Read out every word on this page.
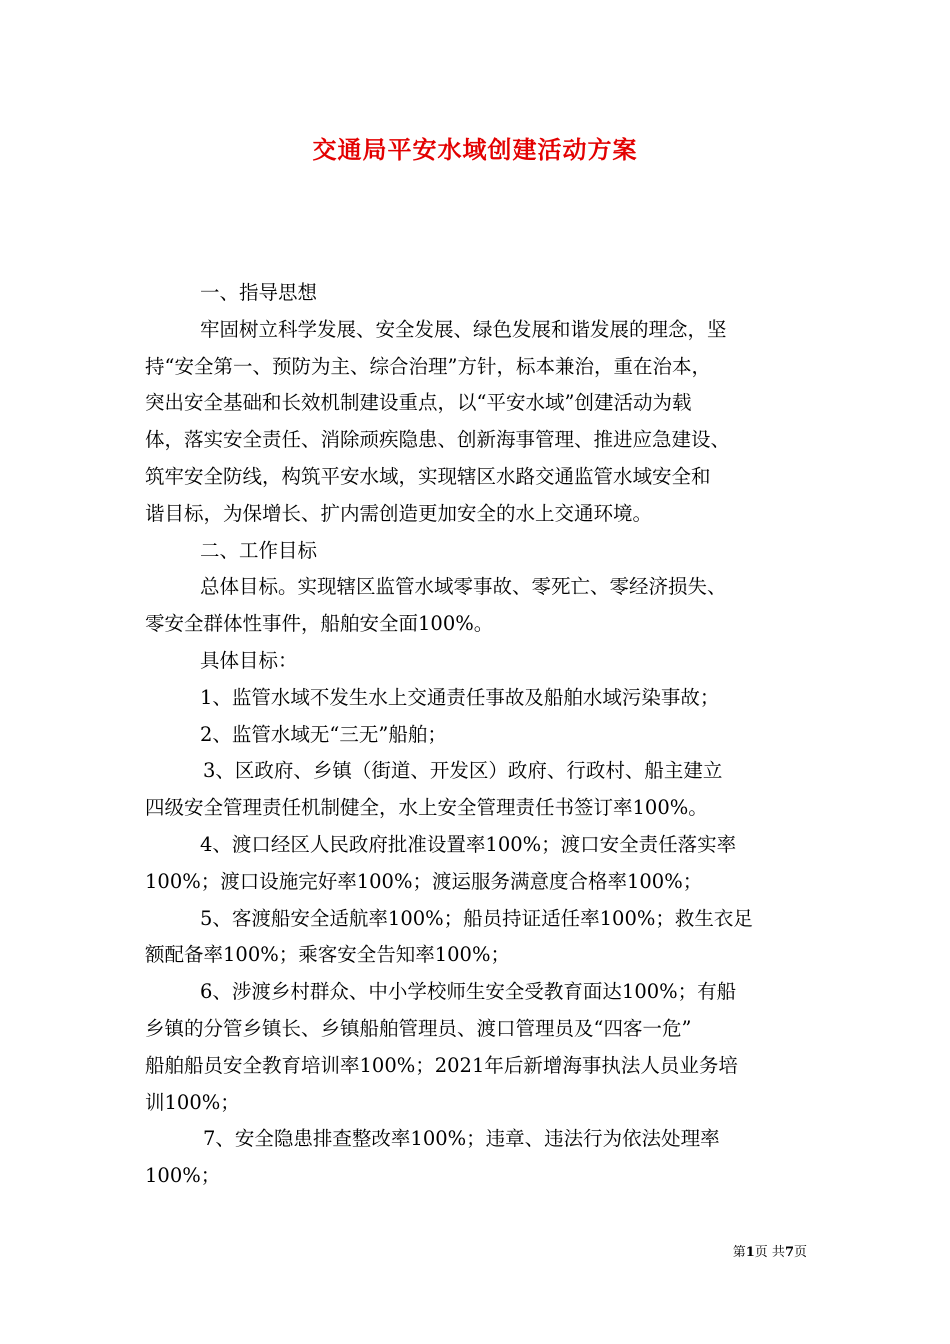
交通局平安水域创建活动方案
一、指导思想
牢固树立科学发展、安全发展、绿色发展和谐发展的理念，坚
持“安全第一、预防为主、综合治理”方针，标本兼治，重在治本，
突出安全基础和长效机制建设重点，以“平安水域”创建活动为载
体，落实安全责任、消除顽疾隐患、创新海事管理、推进应急建设、
筑牢安全防线，构筑平安水域，实现辖区水路交通监管水域安全和
谐目标，为保增长、扩内需创造更加安全的水上交通环境。
二、工作目标
总体目标。实现辖区监管水域零事故、零死亡、零经济损失、
零安全群体性事件，船舶安全面100%。
具体目标：
1、监管水域不发生水上交通责任事故及船舶水域污染事故；
2、监管水域无“三无”船舶；
3、区政府、乡镇（街道、开发区）政府、行政村、船主建立
四级安全管理责任机制健全，水上安全管理责任书签订率100%。
4、渡口经区人民政府批准设置率100%；渡口安全责任落实率
100%；渡口设施完好率100%；渡运服务满意度合格率100%；
5、客渡船安全适航率100%；船员持证适任率100%；救生衣足
额配备率100%；乘客安全告知率100%；
6、涉渡乡村群众、中小学校师生安全受教育面达100%；有船
乡镇的分管乡镇长、乡镇船舶管理员、渡口管理员及“四客一危”
船舶船员安全教育培训率100%；2021年后新增海事执法人员业务培
训100%；
7、安全隐患排查整改率100%；违章、违法行为依法处理率
100%；
第1页 共7页
